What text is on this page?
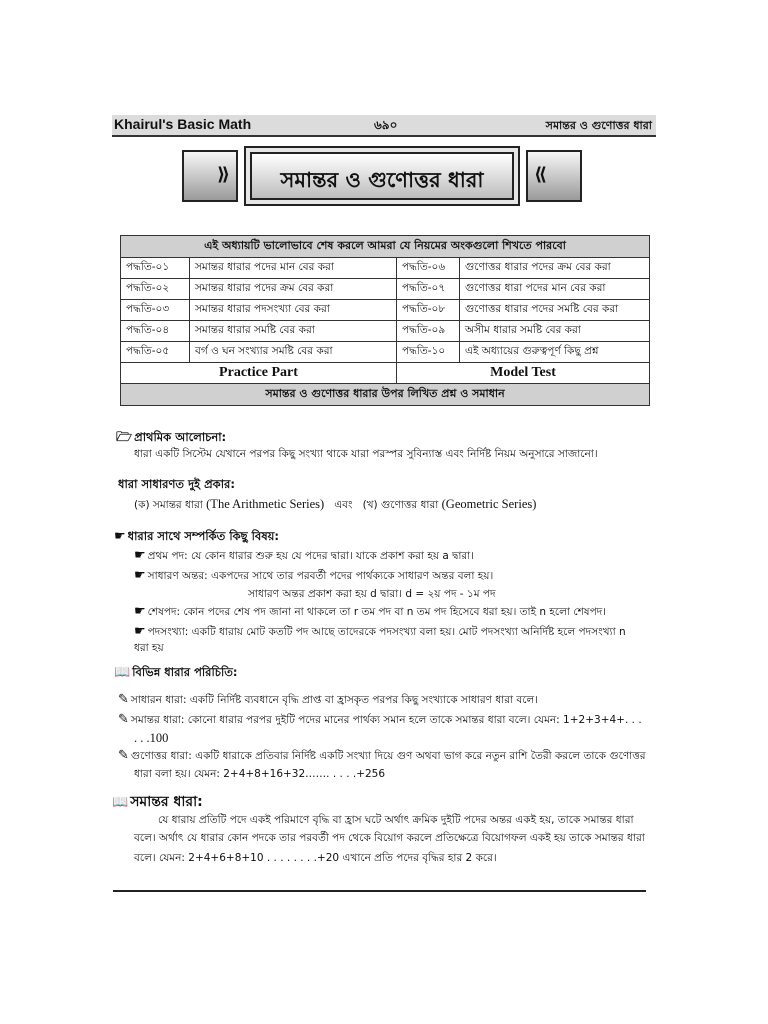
Khairul's Basic Math	৬৯০	সমান্তর ও গুণোত্তর ধারা
⟫	সমান্তর ও গুণোত্তর ধারা	⟪
এই অধ্যায়টি ভালোভাবে শেষ করলে আমরা যে নিয়মের অংকগুলো শিখতে পারবো			
পদ্ধতি-০১	সমান্তর ধারার পদের মান বের করা	পদ্ধতি-০৬	গুণোত্তর ধারার পদের ক্রম বের করা
পদ্ধতি-০২	সমান্তর ধারার পদের ক্রম বের করা	পদ্ধতি-০৭	গুণোত্তর ধারা পদের মান বের করা
পদ্ধতি-০৩	সমান্তর ধারার পদসংখ্যা বের করা	পদ্ধতি-০৮	গুণোত্তর ধারার পদের সমষ্টি বের করা
পদ্ধতি-০৪	সমান্তর ধারার সমষ্টি বের করা	পদ্ধতি-০৯	অসীম ধারার সমষ্টি বের করা
পদ্ধতি-০৫	বর্গ ও ঘন সংখ্যার সমষ্টি বের করা	পদ্ধতি-১০	এই অধ্যায়ের গুরুত্বপূর্ণ কিছু প্রশ্ন
Practice Part		Model Test	
সমান্তর ও গুণোত্তর ধারার উপর লিখিত প্রশ্ন ও সমাধান			
🗁 প্রাথমিক আলোচনা:
ধারা একটি সিস্টেম যেখানে পরপর কিছু সংখ্যা থাকে যারা পরস্পর সুবিন্যাস্ত এবং নির্দিষ্ট নিয়ম অনুসারে সাজানো।
ধারা সাধারণত দুই প্রকার:
(ক) সমান্তর ধারা (The Arithmetic Series) এবং (খ) গুণোত্তর ধারা (Geometric Series)
☛ ধারার সাথে সম্পর্কিত কিছু বিষয়:
☛ প্রথম পদ: যে কোন ধারার শুরু হয় যে পদের দ্বারা। যাকে প্রকাশ করা হয় a দ্বারা।
☛ সাধারণ অন্তর: একপদের সাথে তার পরবর্তী পদের পার্থক্যকে সাধারণ অন্তর বলা হয়।
সাধারণ অন্তর প্রকাশ করা হয় d দ্বারা। d = ২য় পদ - ১ম পদ
☛ শেষপদ: কোন পদের শেষ পদ জানা না থাকলে তা r তম পদ বা n তম পদ হিসেবে ধরা হয়। তাই n হলো শেষপদ।
☛ পদসংখ্যা: একটি ধারায় মোট কতটি পদ আছে তাদেরকে পদসংখ্যা বলা হয়। মোট পদসংখ্যা অনির্দিষ্ট হলে পদসংখ্যা n
ধরা হয়
📖 বিভিন্ন ধারার পরিচিতি:
✎ সাধারন ধারা: একটি নির্দিষ্ট ব্যবধানে বৃদ্ধি প্রাপ্ত বা হ্রাসকৃত পরপর কিছু সংখ্যাকে সাধারণ ধারা বলে।
✎ সমান্তর ধারা: কোনো ধারার পরপর দুইটি পদের মানের পার্থক্য সমান হলে তাকে সমান্তর ধারা বলে। যেমন: 1+2+3+4+. . .
. . .100
✎ গুণোত্তর ধারা: একটি ধারাকে প্রতিবার নির্দিষ্ট একটি সংখ্যা দিয়ে গুণ অথবা ভাগ করে নতুন রাশি তৈরী করলে তাকে গুণোত্তর
ধারা বলা হয়। যেমন: 2+4+8+16+32……. . . . .+256
📖 সমান্তর ধারা:
যে ধারায় প্রতিটি পদে একই পরিমাণে বৃদ্ধি বা হ্রাস ঘটে অর্থাৎ ক্রমিক দুইটি পদের অন্তর একই হয়, তাকে সমান্তর ধারা
বলে। অর্থাৎ যে ধারার কোন পদকে তার পরবর্তী পদ থেকে বিয়োগ করলে প্রতিক্ষেত্রে বিয়োগফল একই হয় তাকে সমান্তর ধারা
বলে। যেমন: 2+4+6+8+10 . . . . . . . .+20 এখানে প্রতি পদের বৃদ্ধির হার 2 করে।
